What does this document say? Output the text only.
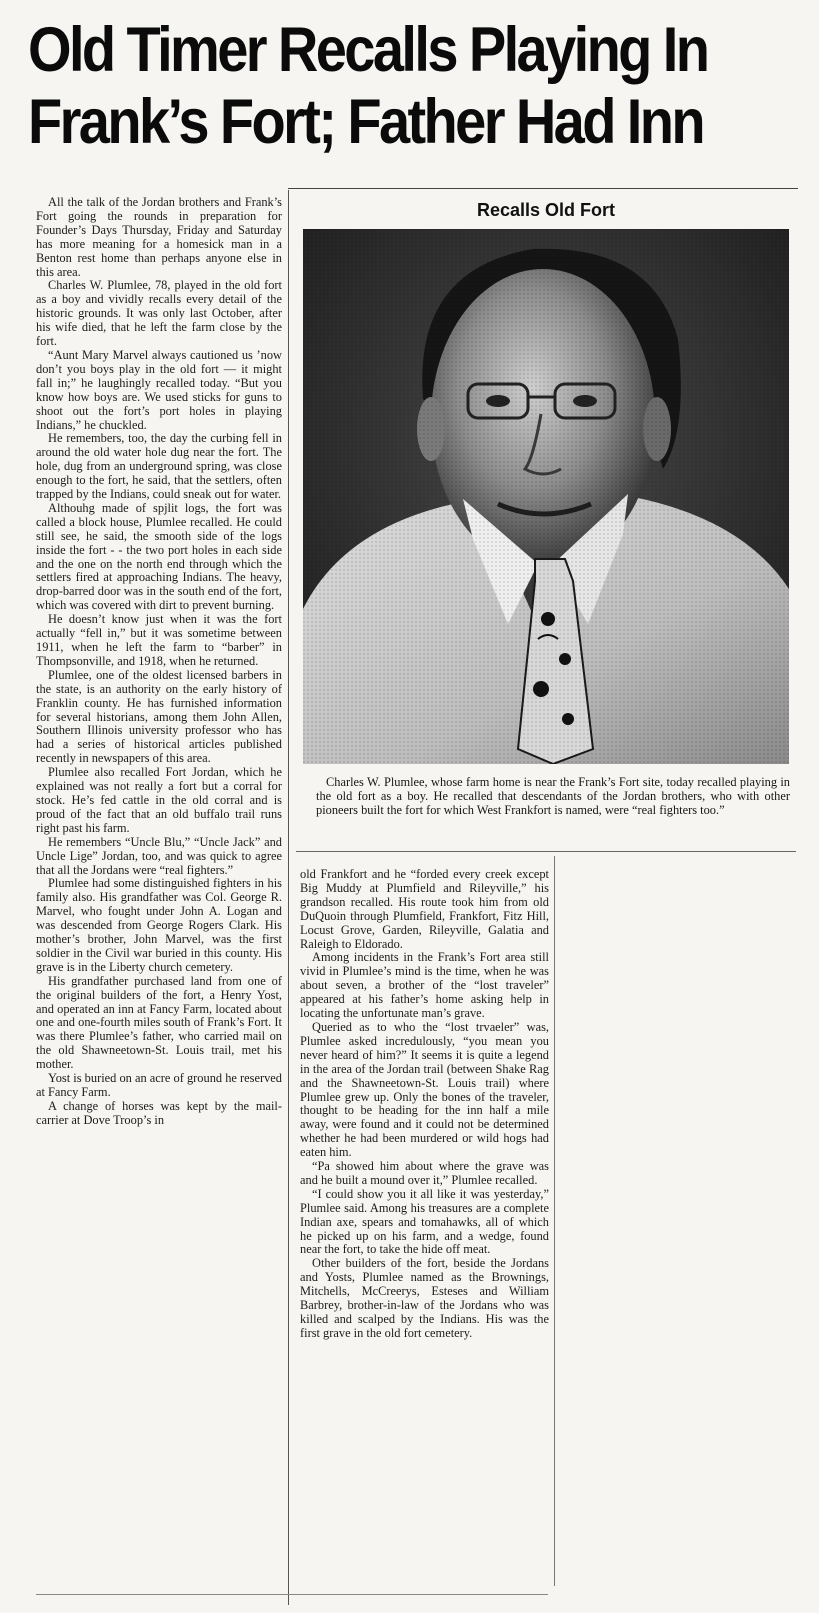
Old Timer Recalls Playing In
Frank’s Fort; Father Had Inn
Recalls Old Fort
Charles W. Plumlee, whose farm home is near the Frank’s Fort site, today recalled playing in the old fort as a boy. He recalled that descendants of the Jordan brothers, who with other pioneers built the fort for which West Frankfort is named, were “real fighters too.”

All the talk of the Jordan brothers and Frank’s Fort going the rounds in preparation for Founder’s Days Thursday, Friday and Saturday has more meaning for a homesick man in a Benton rest home than perhaps anyone else in this area.

Charles W. Plumlee, 78, played in the old fort as a boy and vividly recalls every detail of the historic grounds. It was only last October, after his wife died, that he left the farm close by the fort.

“Aunt Mary Marvel always cautioned us ’now don’t you boys play in the old fort — it might fall in;” he laughingly recalled today. “But you know how boys are. We used sticks for guns to shoot out the fort’s port holes in playing Indians,” he chuckled.

He remembers, too, the day the curbing fell in around the old water hole dug near the fort. The hole, dug from an underground spring, was close enough to the fort, he said, that the settlers, often trapped by the Indians, could sneak out for water.

Althouhg made of spjlit logs, the fort was called a block house, Plumlee recalled. He could still see, he said, the smooth side of the logs inside the fort - - the two port holes in each side and the one on the north end through which the settlers fired at approaching Indians. The heavy, drop-barred door was in the south end of the fort, which was covered with dirt to prevent burning.

He doesn’t know just when it was the fort actually “fell in,” but it was sometime between 1911, when he left the farm to “barber” in Thompsonville, and 1918, when he returned.

Plumlee, one of the oldest licensed barbers in the state, is an authority on the early history of Franklin county. He has furnished information for several historians, among them John Allen, Southern Illinois university professor who has had a series of historical articles published recently in newspapers of this area.

Plumlee also recalled Fort Jordan, which he explained was not really a fort but a corral for stock. He’s fed cattle in the old corral and is proud of the fact that an old buffalo trail runs right past his farm.

He remembers “Uncle Blu,” “Uncle Jack” and Uncle Lige” Jordan, too, and was quick to agree that all the Jordans were “real fighters.”

Plumlee had some distinguished fighters in his family also. His grandfather was Col. George R. Marvel, who fought under John A. Logan and was descended from George Rogers Clark. His mother’s brother, John Marvel, was the first soldier in the Civil war buried in this county. His grave is in the Liberty church cemetery.

His grandfather purchased land from one of the original builders of the fort, a Henry Yost, and operated an inn at Fancy Farm, located about one and one-fourth miles south of Frank’s Fort. It was there Plumlee’s father, who carried mail on the old Shawneetown-St. Louis trail, met his mother.

Yost is buried on an acre of ground he reserved at Fancy Farm.

A change of horses was kept by the mail-carrier at Dove Troop’s in

old Frankfort and he “forded every creek except Big Muddy at Plumfield and Rileyville,” his grandson recalled. His route took him from old DuQuoin through Plumfield, Frankfort, Fitz Hill, Locust Grove, Garden, Rileyville, Galatia and Raleigh to Eldorado.

Among incidents in the Frank’s Fort area still vivid in Plumlee’s mind is the time, when he was about seven, a brother of the “lost traveler” appeared at his father’s home asking help in locating the unfortunate man’s grave.

Queried as to who the “lost trvaeler” was, Plumlee asked incredulously, “you mean you never heard of him?” It seems it is quite a legend in the area of the Jordan trail (between Shake Rag and the Shawneetown-St. Louis trail) where Plumlee grew up. Only the bones of the traveler, thought to be heading for the inn half a mile away, were found and it could not be determined whether he had been murdered or wild hogs had eaten him.

“Pa showed him about where the grave was and he built a mound over it,” Plumlee recalled.

“I could show you it all like it was yesterday,” Plumlee said. Among his treasures are a complete Indian axe, spears and tomahawks, all of which he picked up on his farm, and a wedge, found near the fort, to take the hide off meat.

Other builders of the fort, beside the Jordans and Yosts, Plumlee named as the Brownings, Mitchells, McCreerys, Esteses and William Barbrey, brother-in-law of the Jordans who was killed and scalped by the Indians. His was the first grave in the old fort cemetery.
